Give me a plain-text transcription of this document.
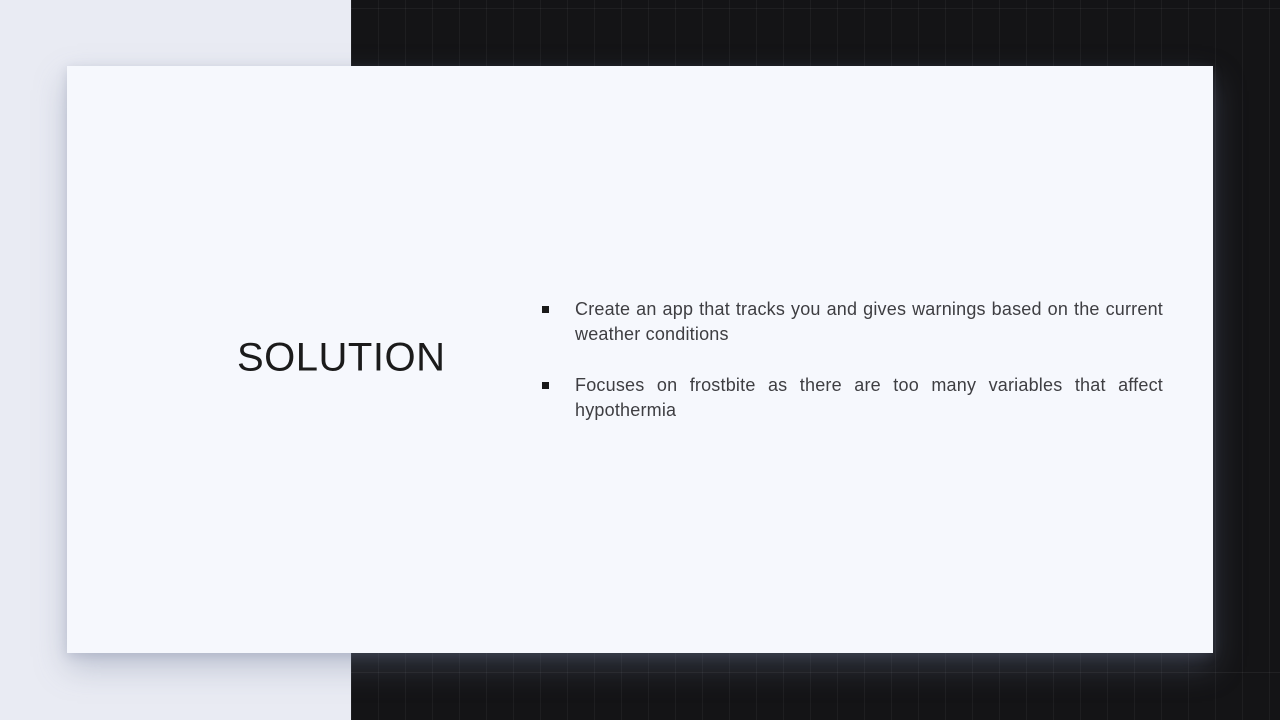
SOLUTION
Create an app that tracks you and gives warnings based on the current weather conditions
Focuses on frostbite as there are too many variables that affect hypothermia
